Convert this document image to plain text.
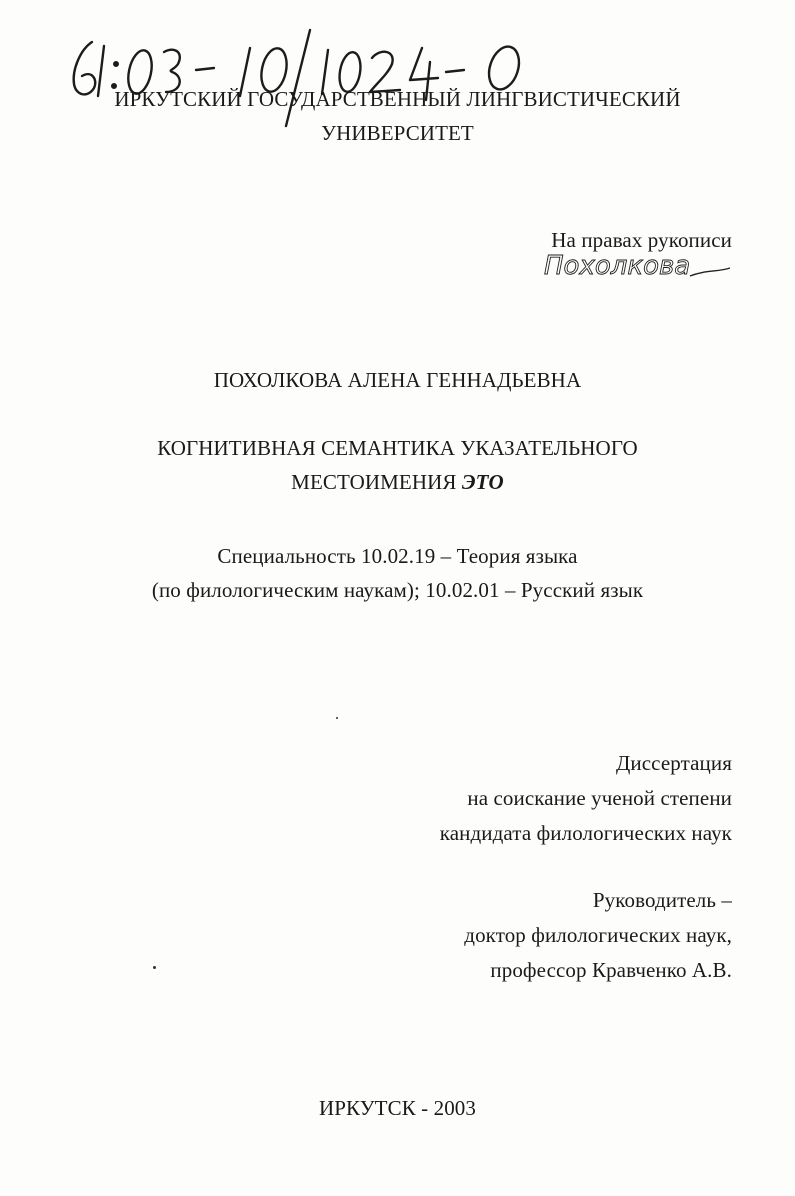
ИРКУТСКИЙ ГОСУДАРСТВЕННЫЙ ЛИНГВИСТИЧЕСКИЙ
УНИВЕРСИТЕТ
На правах рукописи
Похолкова
ПОХОЛКОВА АЛЕНА ГЕННАДЬЕВНА
КОГНИТИВНАЯ СЕМАНТИКА УКАЗАТЕЛЬНОГО
МЕСТОИМЕНИЯ ЭТО
Специальность 10.02.19 – Теория языка
(по филологическим наукам); 10.02.01 – Русский язык
Диссертация
на соискание ученой степени
кандидата филологических наук
Руководитель –
доктор филологических наук,
профессор Кравченко А.В.
ИРКУТСК - 2003
